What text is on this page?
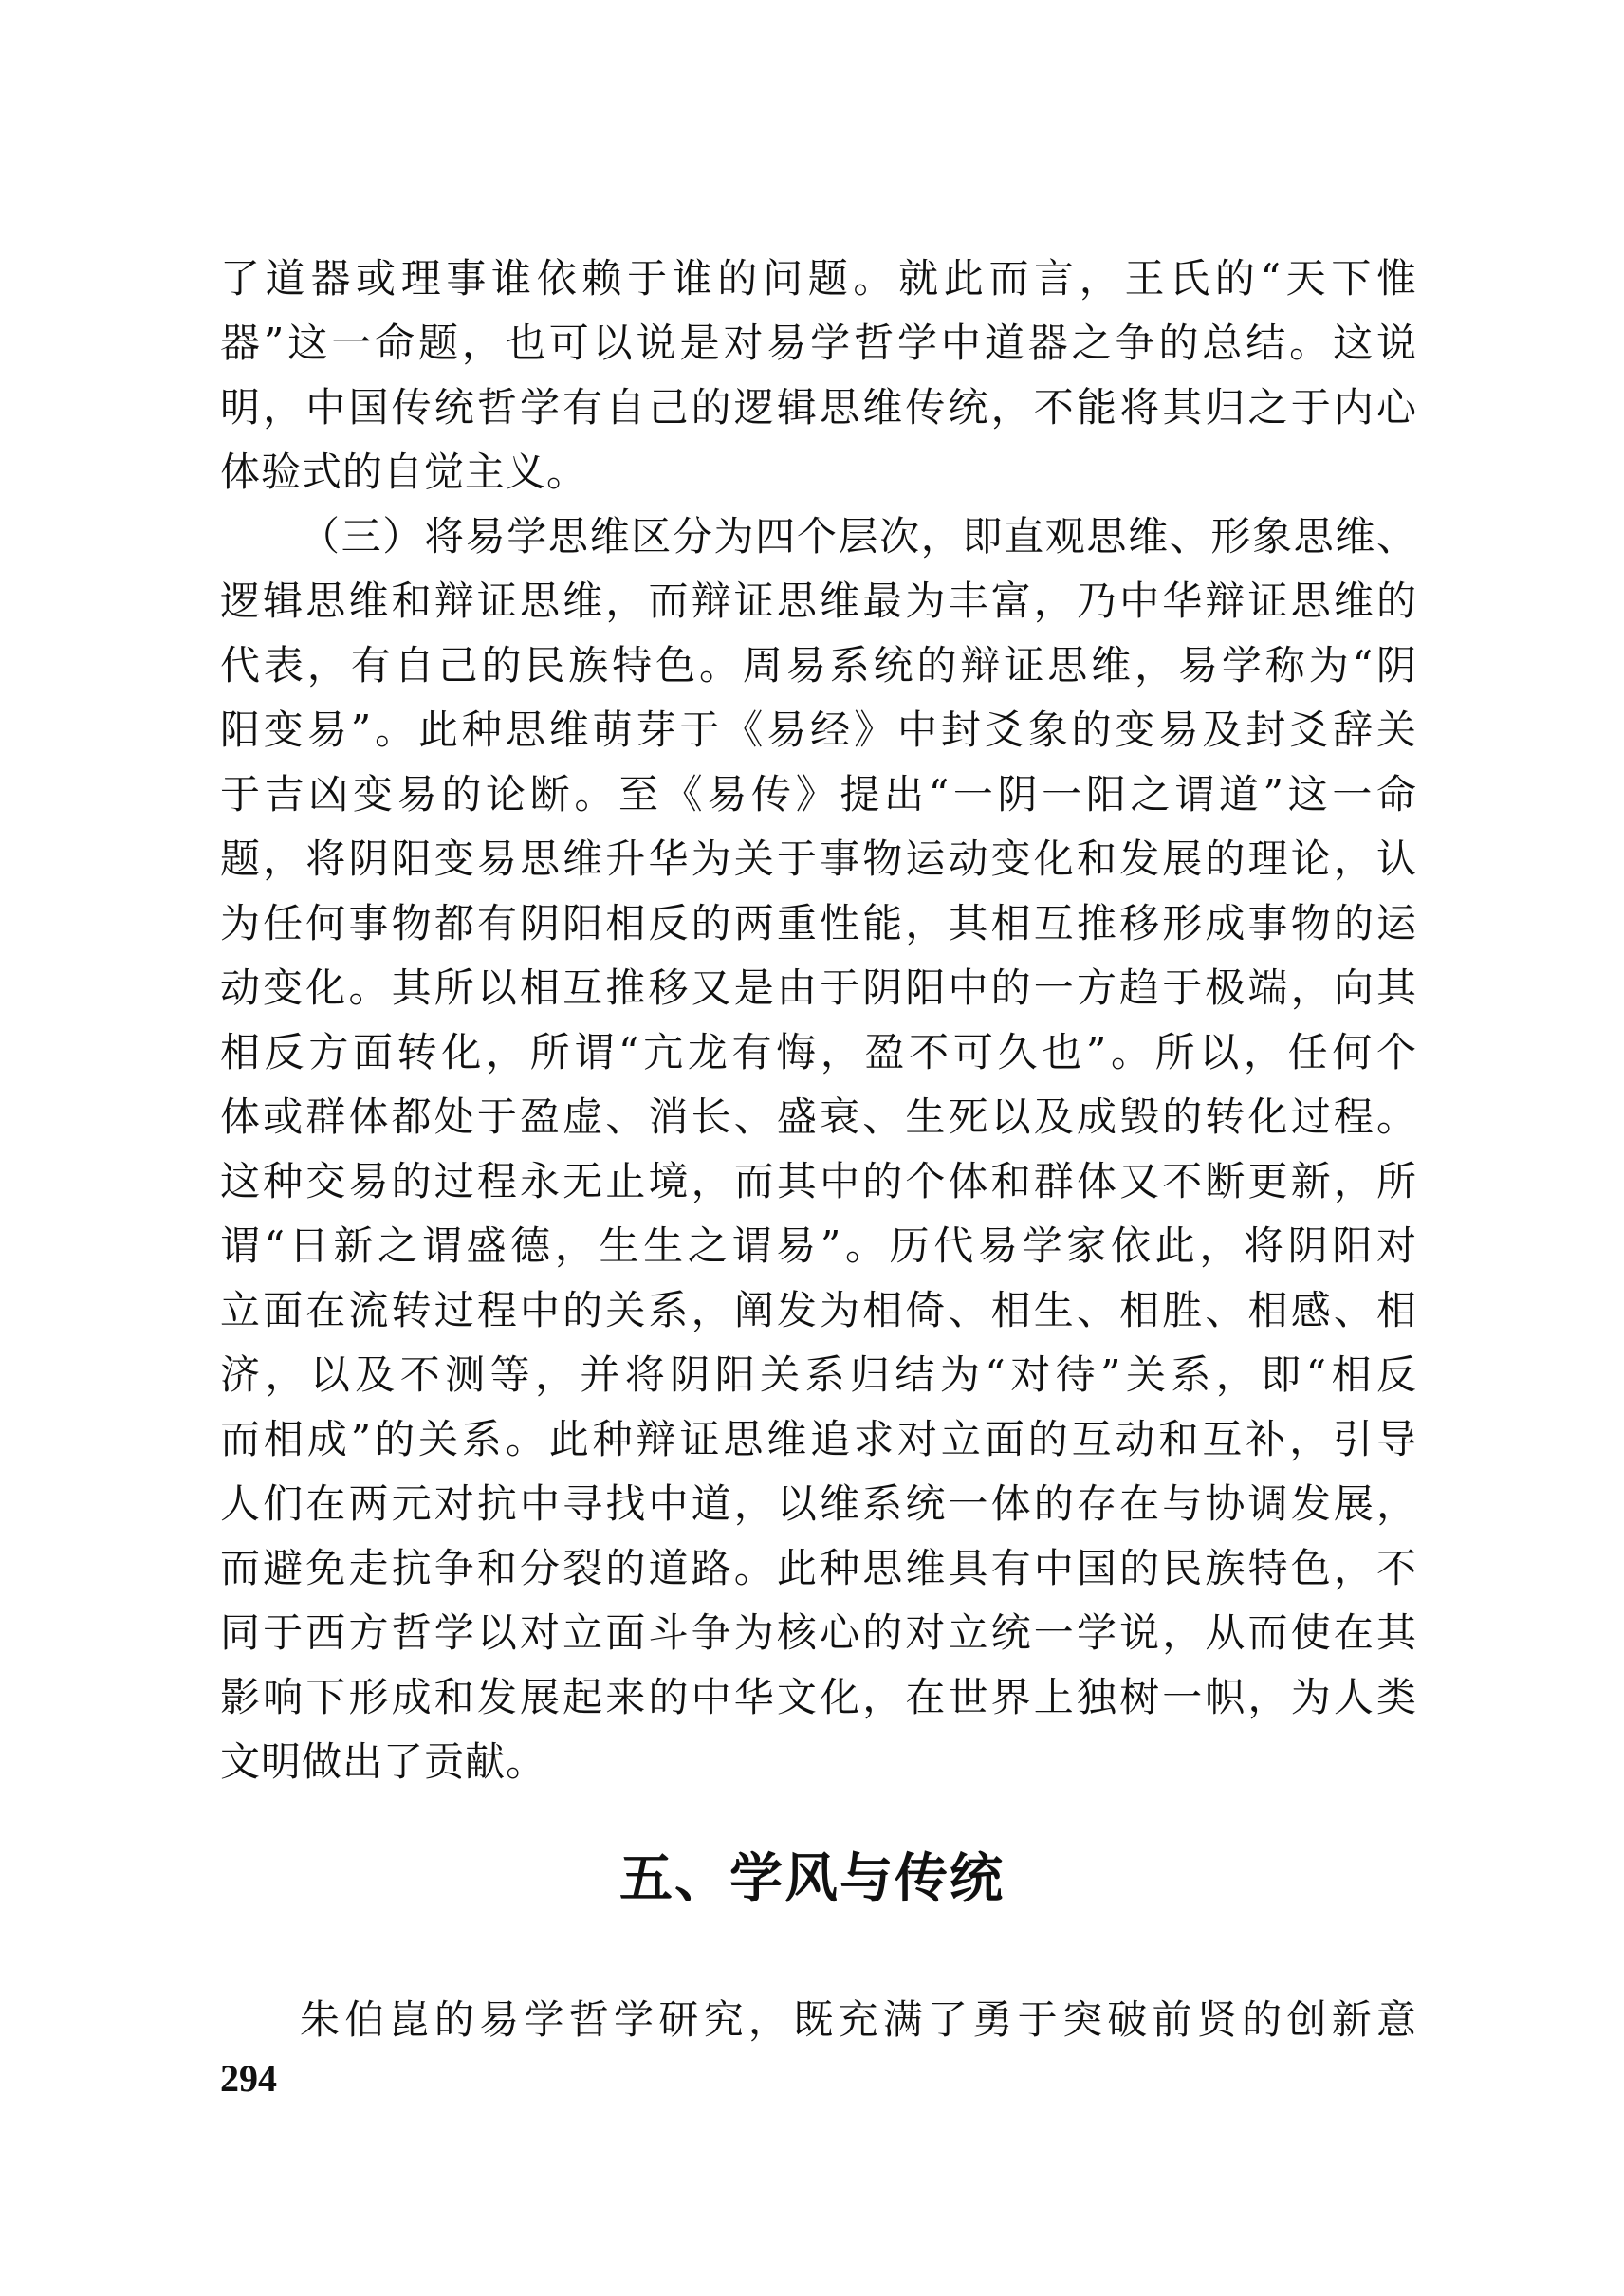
了道器或理事谁依赖于谁的问题。就此而言，王氏的“天下惟
器”这一命题，也可以说是对易学哲学中道器之争的总结。这说
明，中国传统哲学有自己的逻辑思维传统，不能将其归之于内心
体验式的自觉主义。
（三）将易学思维区分为四个层次，即直观思维、形象思维、
逻辑思维和辩证思维，而辩证思维最为丰富，乃中华辩证思维的
代表，有自己的民族特色。周易系统的辩证思维，易学称为“阴
阳变易”。此种思维萌芽于《易经》中封爻象的变易及封爻辞关
于吉凶变易的论断。至《易传》提出“一阴一阳之谓道”这一命
题，将阴阳变易思维升华为关于事物运动变化和发展的理论，认
为任何事物都有阴阳相反的两重性能，其相互推移形成事物的运
动变化。其所以相互推移又是由于阴阳中的一方趋于极端，向其
相反方面转化，所谓“亢龙有悔，盈不可久也”。所以，任何个
体或群体都处于盈虚、消长、盛衰、生死以及成毁的转化过程。
这种交易的过程永无止境，而其中的个体和群体又不断更新，所
谓“日新之谓盛德，生生之谓易”。历代易学家依此，将阴阳对
立面在流转过程中的关系，阐发为相倚、相生、相胜、相感、相
济，以及不测等，并将阴阳关系归结为“对待”关系，即“相反
而相成”的关系。此种辩证思维追求对立面的互动和互补，引导
人们在两元对抗中寻找中道，以维系统一体的存在与协调发展，
而避免走抗争和分裂的道路。此种思维具有中国的民族特色，不
同于西方哲学以对立面斗争为核心的对立统一学说，从而使在其
影响下形成和发展起来的中华文化，在世界上独树一帜，为人类
文明做出了贡献。
五、学风与传统
朱伯崑的易学哲学研究，既充满了勇于突破前贤的创新意
294
